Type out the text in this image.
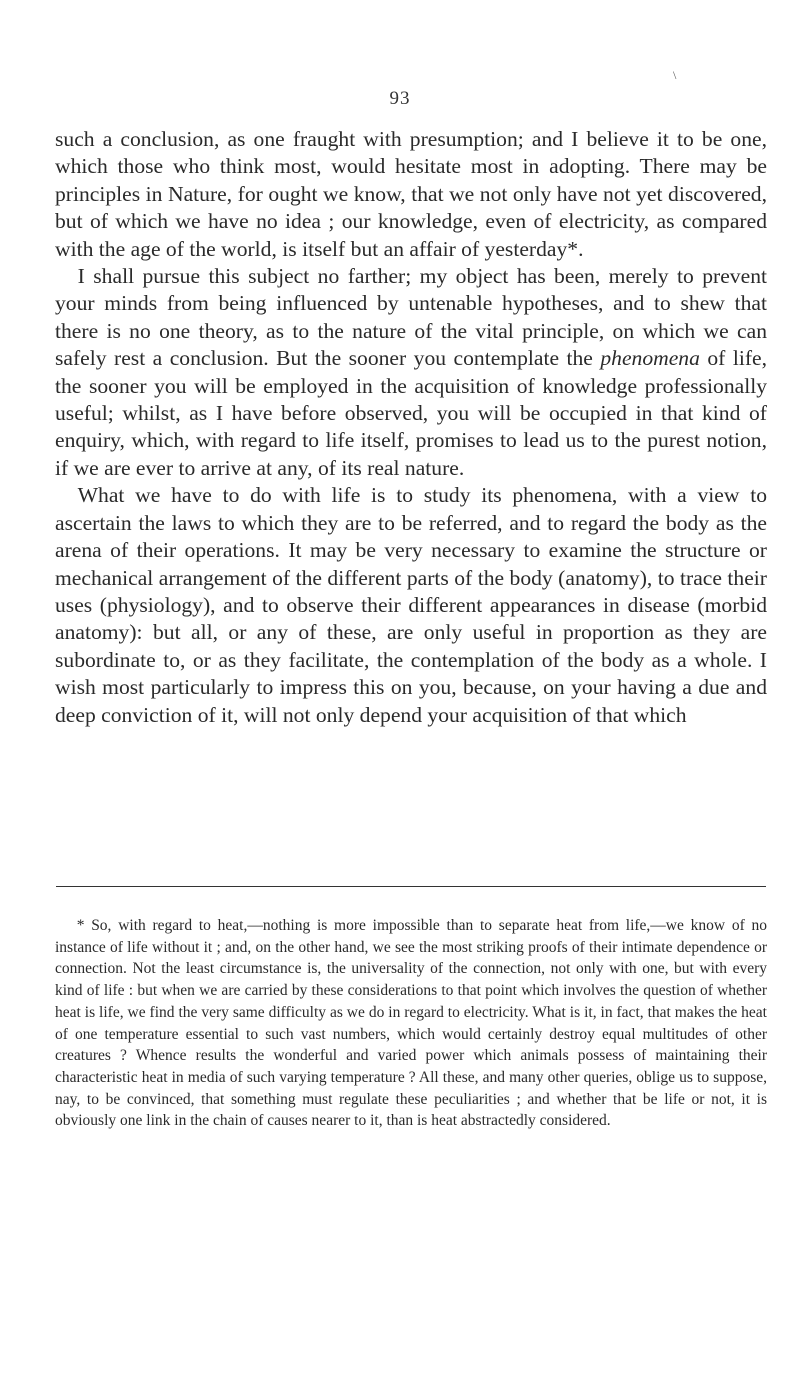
\
93

such a conclusion, as one fraught with presumption; and I believe it to be one, which those who think most, would hesitate most in adopting. There may be principles in Nature, for ought we know, that we not only have not yet discovered, but of which we have no idea ; our knowledge, even of electricity, as compared with the age of the world, is itself but an affair of yesterday*.

I shall pursue this subject no farther; my object has been, merely to prevent your minds from being influenced by untenable hypotheses, and to shew that there is no one theory, as to the nature of the vital principle, on which we can safely rest a conclusion. But the sooner you contemplate the phenomena of life, the sooner you will be employed in the acquisition of knowledge professionally useful; whilst, as I have before observed, you will be occupied in that kind of enquiry, which, with regard to life itself, promises to lead us to the purest notion, if we are ever to arrive at any, of its real nature.

What we have to do with life is to study its phenomena, with a view to ascertain the laws to which they are to be referred, and to regard the body as the arena of their operations. It may be very necessary to examine the structure or mechanical arrangement of the different parts of the body (anatomy), to trace their uses (physiology), and to observe their different appearances in disease (morbid anatomy): but all, or any of these, are only useful in proportion as they are subordinate to, or as they facilitate, the contemplation of the body as a whole. I wish most particularly to impress this on you, because, on your having a due and deep conviction of it, will not only depend your acquisition of that which

* So, with regard to heat,—nothing is more impossible than to separate heat from life,—we know of no instance of life without it ; and, on the other hand, we see the most striking proofs of their intimate dependence or connection. Not the least circumstance is, the universality of the connection, not only with one, but with every kind of life : but when we are carried by these considerations to that point which involves the question of whether heat is life, we find the very same difficulty as we do in regard to electricity. What is it, in fact, that makes the heat of one temperature essential to such vast numbers, which would certainly destroy equal multitudes of other creatures ? Whence results the wonderful and varied power which animals possess of maintaining their characteristic heat in media of such varying temperature ? All these, and many other queries, oblige us to suppose, nay, to be convinced, that something must regulate these peculiarities ; and whether that be life or not, it is obviously one link in the chain of causes nearer to it, than is heat abstractedly considered.
